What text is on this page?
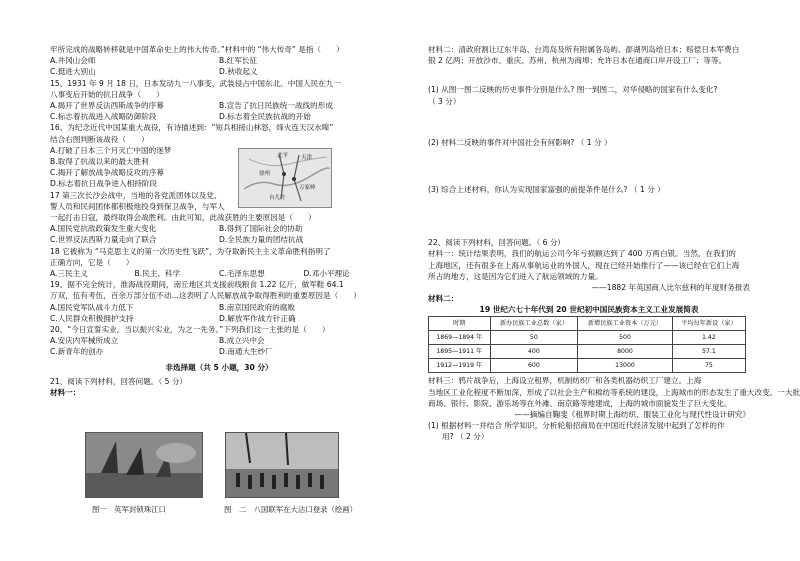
牢所完成的战略转移就是中国革命史上的伟大传奇。”材料中的 “伟大传奇” 是指（　　）
A.井冈山会师	B.红军长征
C.挺进大别山	D.秋收起义
15、1931 年 9 月 18 日，日本发动九一八事变，武装侵占中国东北。中国人民在九一
八事变后开始的抗日战争（　　）
A.揭开了世界反法西斯战争的序幕	B.宣告了抗日民族统一战线的形成
C.标志着抗战进入战略防御阶段	D.标志着全民族抗战的开始
16、为纪念近代中国某重大战役，有诗描述到：“短兵相接山林怒，烽火连天汉水嗥”
结合右图判断该战役（　　）
A.打破了日本三个月灭亡中国的迷梦
B.取得了抗战以来的最大胜利
C.揭开了解放战争战略反攻的序幕
D.标志着抗日战争进入相持阶段
17 第三次长沙会战中，当地的各党派团体以及党、
警人员和民间团体都积极地投身到保卫战争，与军人
一起打击日寇，最终取得会战胜利。由此可知，此战获胜的主要原因是（　　）
A.国民党抗敌政策发生重大变化	B.得到了国际社会的协助
C.世界反法西斯力量走向了联合	D.全民族力量的团结抗战
18 它被称为 “马克思主义的第一次历史性飞跃”，为夺取新民主主义革命胜利指明了
正确方向，它是（　　）
A.三民主义	B.民主、科学	C.毛泽东思想	D.邓小平理论
19、据不完全统计，淮海战役期间，南丘地区共支援前线粮食 1.22 亿斤，做军鞋 64.1
万双，伍有考伍，百余万部分伍不动...这表明了人民解放战争取得胜利的重要原因是（　　）
A.国民党军队战斗力低下	B.南京国民政府的腐败
C.人民群众积极拥护支持	D.解放军作战方针正确
20、“今日宣誓实业，当以振兴实业，为之一先务。”下列我们这一主张的是（　　）
A.安庆内军械所成立	B.成立兴中会
C.新青年的创办	D.南通大生纱厂
非选择题（共 5 小题，30 分）
21、阅读下列材料，回答问题。（ 5 分）
材料一：
北平 天津
徐州
万家岭
台儿庄
图一　英军封锁珠江口	图　二　八国联军在大沽口登录（绘画）
材料二：清政府割让辽东半岛、台湾岛及所有附属各岛屿、澎湖列岛给日本；赔偿日本军费白
银 2 亿两；开放沙市、重庆、苏州、杭州为商埠；允许日本在通商口岸开设工厂；等等。
(1) 从图一图二反映的历史事件分别是什么? 图一到图二，对华侵略的国家有什么变化?
（ 3 分）
(2) 材料二反映的事件对中国社会有何影响? （ 1 分 ）
(3) 综合上述材料，你认为实现国家富强的前提条件是什么? （ 1 分 ）
22、阅读下列材料，回答问题。（ 6 分）
材料一：统计结果表明，我们的航运公司今年亏损额达到了 400 万两白银。当然，在我们的
上海地区，还有很多在上海从事航运业的外国人，现在已经开始推行了——该已经在它们上海
所占的地方，这是因为它们进入了航运领域的力量。
——1882 年英国商人比尔兹利的年度财务报表
材料二：
19 世纪六七十年代到 20 世纪初中国民族资本主义工业发展简表
时期	新办民族工业总数（家）	新增民族工业资本（万元）	平均每年新设（家）
1869—1894 年	50	500	1.42
1895—1911 年	400	8000	57.1
1912—1919 年	600	13000	75
材料三：鸦片战争后，上海设立租界，机制纺织厂和各类机器纺织工厂建立。上海
当地区工业化程度不断加深，形成了以社会主产和棉纺等系统的建设，上海城市的形态发生了重大改变。一大批
商场、银行、影院、游乐场等在外滩、南京路等地建成，上海的城市面貌发生了巨大变化。
——摘编自鞠斐《租界时期上海纺织、服装工业化与现代性设计研究》
(1) 根据材料一并结合 所学知识，分析轮船招商局在中国近代经济发展中起到了怎样的作
用? （ 2 分）
